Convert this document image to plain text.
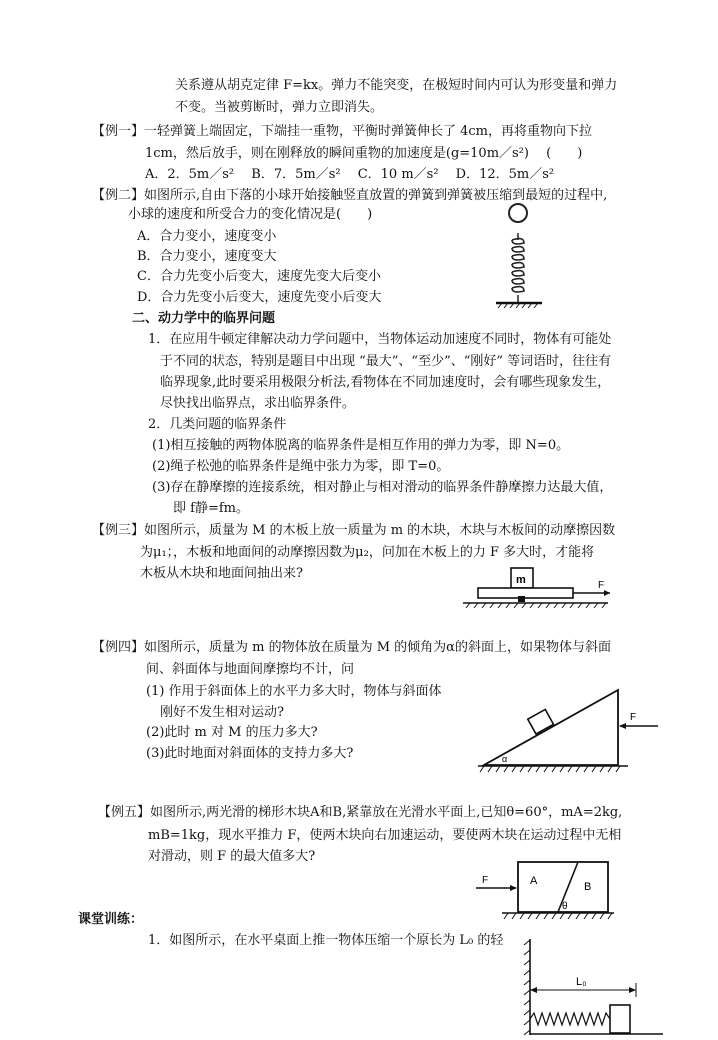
关系遵从胡克定律 F=kx。弹力不能突变，在极短时间内可认为形变量和弹力
不变。当被剪断时，弹力立即消失。
【例一】一轻弹簧上端固定，下端挂一重物，平衡时弹簧伸长了 4cm，再将重物向下拉
1cm，然后放手，则在刚释放的瞬间重物的加速度是(g=10m／s²)　 (　　)
A．2．5m／s²　 B．7．5m／s²　 C．10 m／s²　 D．12．5m／s²
【例二】如图所示,自由下落的小球开始接触竖直放置的弹簧到弹簧被压缩到最短的过程中,
小球的速度和所受合力的变化情况是(　　)
A．合力变小，速度变小
B．合力变小，速度变大
C．合力先变小后变大，速度先变大后变小
D．合力先变小后变大，速度先变小后变大
二、动力学中的临界问题
1．在应用牛顿定律解决动力学问题中，当物体运动加速度不同时，物体有可能处
于不同的状态，特别是题目中出现 “最大”、“至少”、“刚好” 等词语时，往往有
临界现象,此时要采用极限分析法,看物体在不同加速度时，会有哪些现象发生，
尽快找出临界点，求出临界条件。
2．几类问题的临界条件
(1)相互接触的两物体脱离的临界条件是相互作用的弹力为零，即 N=0。
(2)绳子松弛的临界条件是绳中张力为零，即 T=0。
(3)存在静摩擦的连接系统，相对静止与相对滑动的临界条件静摩擦力达最大值，
即 f静=fm。
【例三】如图所示，质量为 M 的木板上放一质量为 m 的木块，木块与木板间的动摩擦因数
为μ₁；，木板和地面间的动摩擦因数为μ₂，问加在木板上的力 F 多大时，才能将
木板从木块和地面间抽出来?	m	F
【例四】如图所示，质量为 m 的物体放在质量为 M 的倾角为α的斜面上，如果物体与斜面
间、斜面体与地面间摩擦均不计，问
(1) 作用于斜面体上的水平力多大时，物体与斜面体
刚好不发生相对运动?
(2)此时 m 对 M 的压力多大?
(3)此时地面对斜面体的支持力多大?
F
α
【例五】如图所示,两光滑的梯形木块A和B,紧靠放在光滑水平面上,已知θ=60°，mA=2kg,
mB=1kg，现水平推力 F，使两木块向右加速运动，要使两木块在运动过程中无相
对滑动，则 F 的最大值多大?
A	B
θ
F
课堂训练：
1．如图所示，在水平桌面上推一物体压缩一个原长为 L₀ 的轻
L₀
